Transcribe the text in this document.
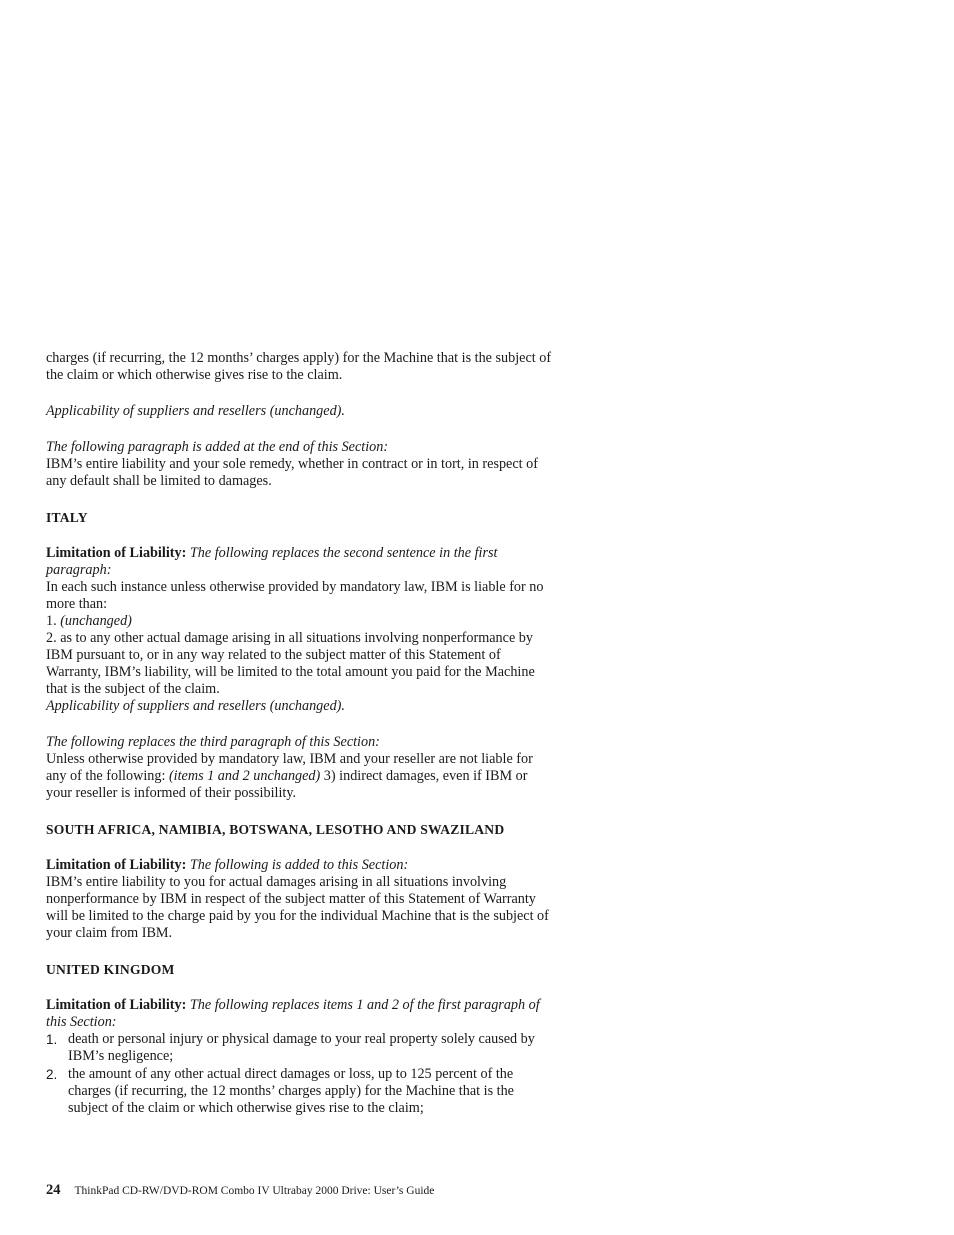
charges (if recurring, the 12 months’ charges apply) for the Machine that is the subject of the claim or which otherwise gives rise to the claim.

Applicability of suppliers and resellers (unchanged).

The following paragraph is added at the end of this Section:

IBM’s entire liability and your sole remedy, whether in contract or in tort, in respect of any default shall be limited to damages.

ITALY

Limitation of Liability: The following replaces the second sentence in the first paragraph:

In each such instance unless otherwise provided by mandatory law, IBM is liable for no more than:

1. (unchanged)

2. as to any other actual damage arising in all situations involving nonperformance by IBM pursuant to, or in any way related to the subject matter of this Statement of Warranty, IBM’s liability, will be limited to the total amount you paid for the Machine that is the subject of the claim.

Applicability of suppliers and resellers (unchanged).

The following replaces the third paragraph of this Section:

Unless otherwise provided by mandatory law, IBM and your reseller are not liable for any of the following: (items 1 and 2 unchanged) 3) indirect damages, even if IBM or your reseller is informed of their possibility.

SOUTH AFRICA, NAMIBIA, BOTSWANA, LESOTHO AND SWAZILAND

Limitation of Liability: The following is added to this Section:

IBM’s entire liability to you for actual damages arising in all situations involving nonperformance by IBM in respect of the subject matter of this Statement of Warranty will be limited to the charge paid by you for the individual Machine that is the subject of your claim from IBM.

UNITED KINGDOM

Limitation of Liability: The following replaces items 1 and 2 of the first paragraph of this Section:

1. death or personal injury or physical damage to your real property solely caused by IBM’s negligence;
2. the amount of any other actual direct damages or loss, up to 125 percent of the charges (if recurring, the 12 months’ charges apply) for the Machine that is the subject of the claim or which otherwise gives rise to the claim;
24 ThinkPad CD-RW/DVD-ROM Combo IV Ultrabay 2000 Drive: User’s Guide
